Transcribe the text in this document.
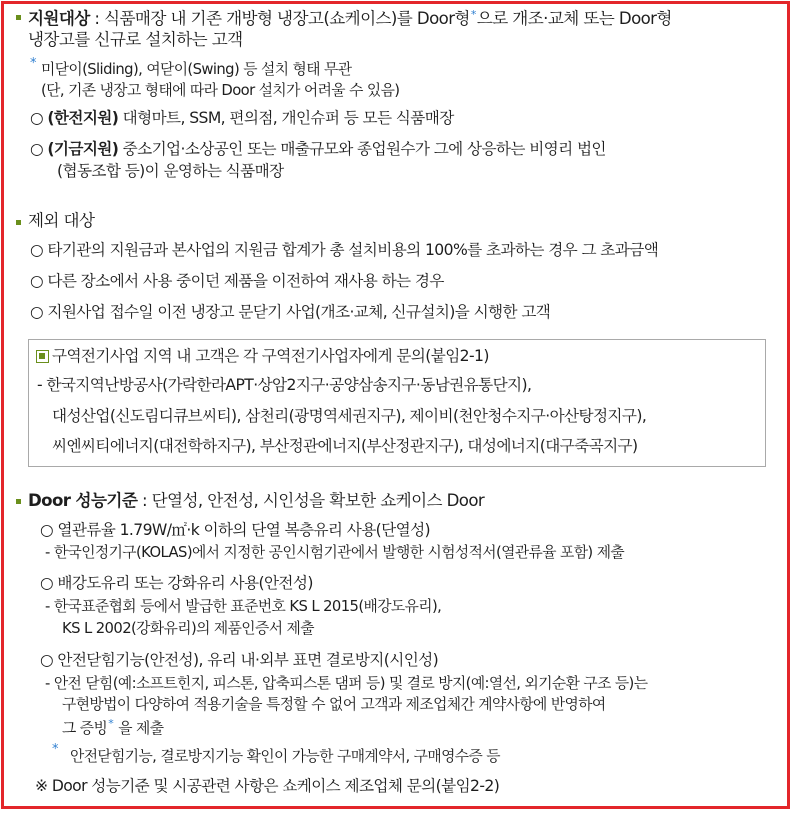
지원대상 : 식품매장 내 기존 개방형 냉장고(쇼케이스)를 Door형*으로 개조·교체 또는 Door형
냉장고를 신규로 설치하는 고객
* 미닫이(Sliding), 여닫이(Swing) 등 설치 형태 무관
(단, 기존 냉장고 형태에 따라 Door 설치가 어려울 수 있음)
○ (한전지원) 대형마트, SSM, 편의점, 개인슈퍼 등 모든 식품매장
○ (기금지원) 중소기업·소상공인 또는 매출규모와 종업원수가 그에 상응하는 비영리 법인
(협동조합 등)이 운영하는 식품매장
제외 대상
○ 타기관의 지원금과 본사업의 지원금 합계가 총 설치비용의 100%를 초과하는 경우 그 초과금액
○ 다른 장소에서 사용 중이던 제품을 이전하여 재사용 하는 경우
○ 지원사업 접수일 이전 냉장고 문닫기 사업(개조·교체, 신규설치)을 시행한 고객
구역전기사업 지역 내 고객은 각 구역전기사업자에게 문의(붙임2-1)
- 한국지역난방공사(가락한라APT·상암2지구·공양삼송지구·동남권유통단지),
대성산업(신도림디큐브씨티), 삼천리(광명역세권지구), 제이비(천안청수지구·아산탕정지구),
씨엔씨티에너지(대전학하지구), 부산정관에너지(부산정관지구), 대성에너지(대구죽곡지구)
Door 성능기준 : 단열성, 안전성, 시인성을 확보한 쇼케이스 Door
○ 열관류율 1.79W/㎡·k 이하의 단열 복층유리 사용(단열성)
- 한국인정기구(KOLAS)에서 지정한 공인시험기관에서 발행한 시험성적서(열관류율 포함) 제출
○ 배강도유리 또는 강화유리 사용(안전성)
- 한국표준협회 등에서 발급한 표준번호 KS L 2015(배강도유리),
KS L 2002(강화유리)의 제품인증서 제출
○ 안전닫힘기능(안전성), 유리 내·외부 표면 결로방지(시인성)
- 안전 닫힘(예:소프트힌지, 피스톤, 압축피스톤 댐퍼 등) 및 결로 방지(예:열선, 외기순환 구조 등)는
구현방법이 다양하여 적용기술을 특정할 수 없어 고객과 제조업체간 계약사항에 반영하여
그 증빙* 을 제출
* 안전닫힘기능, 결로방지기능 확인이 가능한 구매계약서, 구매영수증 등
※ Door 성능기준 및 시공관련 사항은 쇼케이스 제조업체 문의(붙임2-2)
